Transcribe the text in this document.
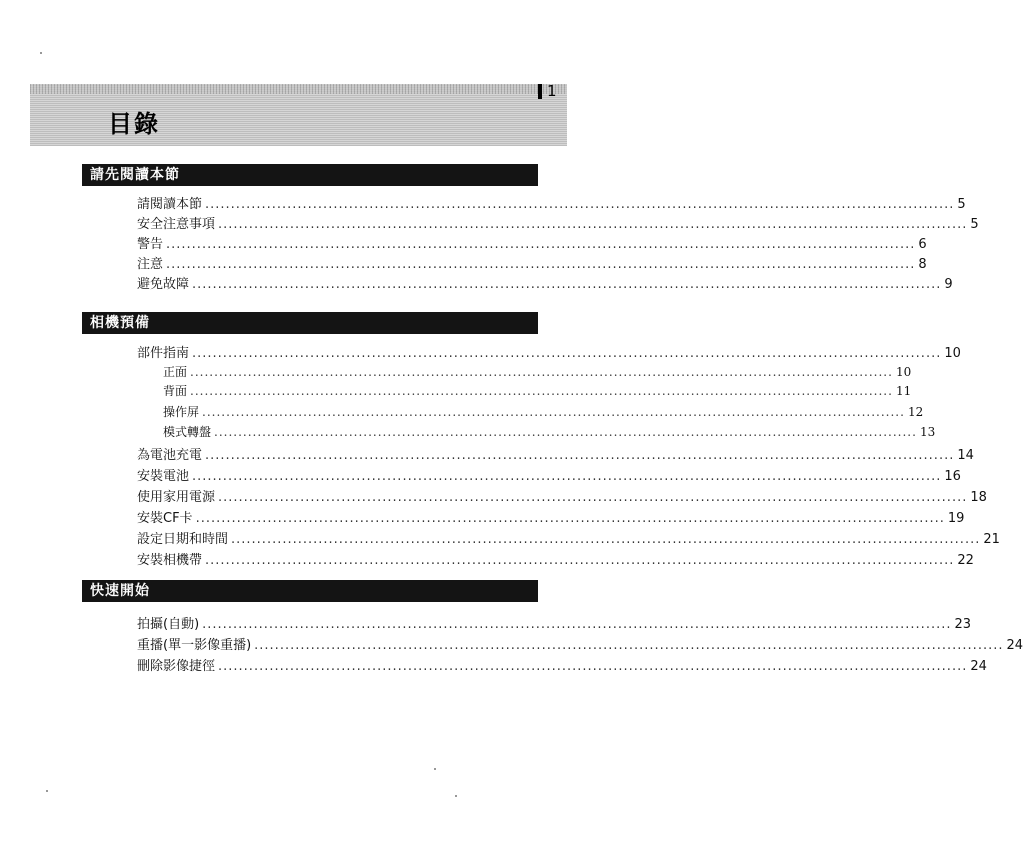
目錄
1
請先閱讀本節
請閱讀本節 .................................................................................................................................................. 5
安全注意事項 .................................................................................................................................................. 5
警告 .................................................................................................................................................. 6
注意 .................................................................................................................................................. 8
避免故障 .................................................................................................................................................. 9
相機預備
部件指南 .................................................................................................................................................. 10
正面 .................................................................................................................................................. 10
背面 .................................................................................................................................................. 11
操作屏 .................................................................................................................................................. 12
模式轉盤 .................................................................................................................................................. 13
為電池充電 .................................................................................................................................................. 14
安裝電池 .................................................................................................................................................. 16
使用家用電源 .................................................................................................................................................. 18
安裝CF卡 .................................................................................................................................................. 19
設定日期和時間 .................................................................................................................................................. 21
安裝相機帶 .................................................................................................................................................. 22
快速開始
拍攝(自動) .................................................................................................................................................. 23
重播(單一影像重播) .................................................................................................................................................. 24
刪除影像捷徑 .................................................................................................................................................. 24
